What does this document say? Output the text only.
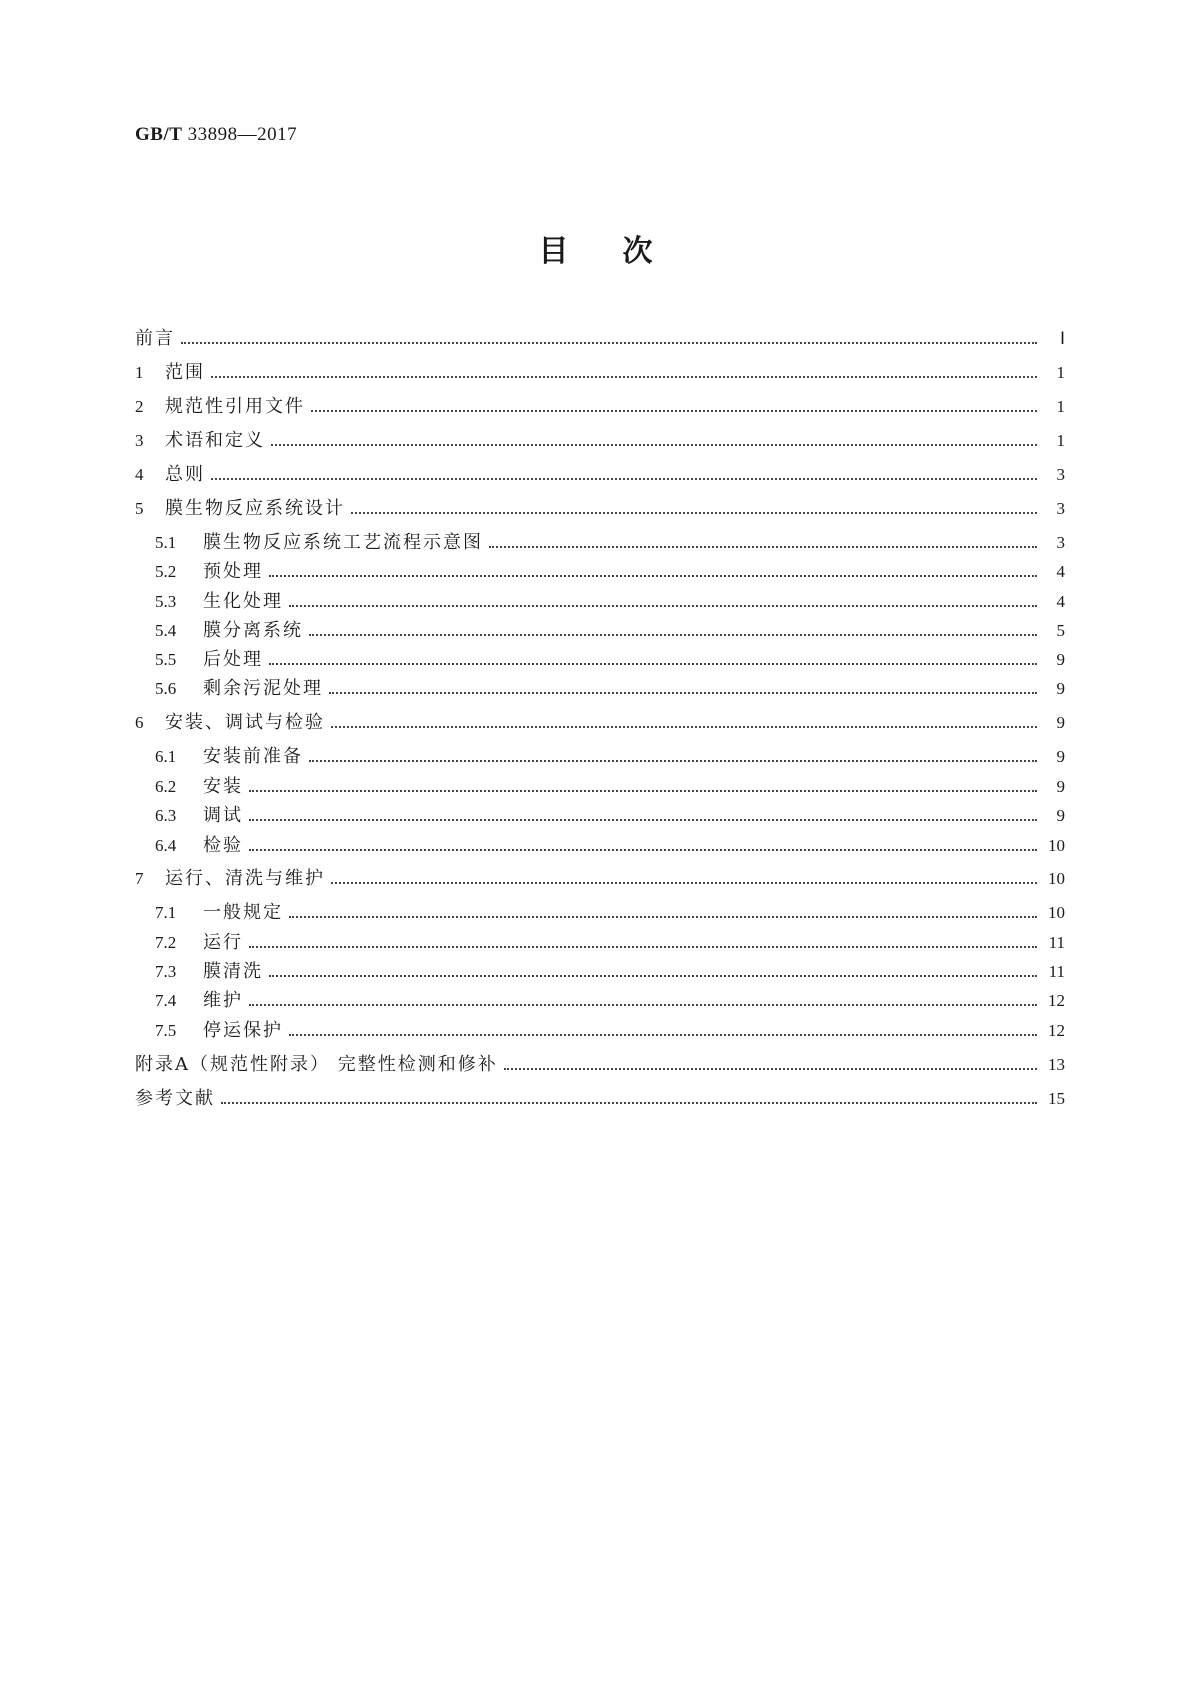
GB/T 33898—2017
目次
前言	Ⅰ
1	范围	1
2	规范性引用文件	1
3	术语和定义	1
4	总则	3
5	膜生物反应系统设计	3
5.1	膜生物反应系统工艺流程示意图	3
5.2	预处理	4
5.3	生化处理	4
5.4	膜分离系统	5
5.5	后处理	9
5.6	剩余污泥处理	9
6	安装、调试与检验	9
6.1	安装前准备	9
6.2	安装	9
6.3	调试	9
6.4	检验	10
7	运行、清洗与维护	10
7.1	一般规定	10
7.2	运行	11
7.3	膜清洗	11
7.4	维护	12
7.5	停运保护	12
附录A（规范性附录） 完整性检测和修补	13
参考文献	15
